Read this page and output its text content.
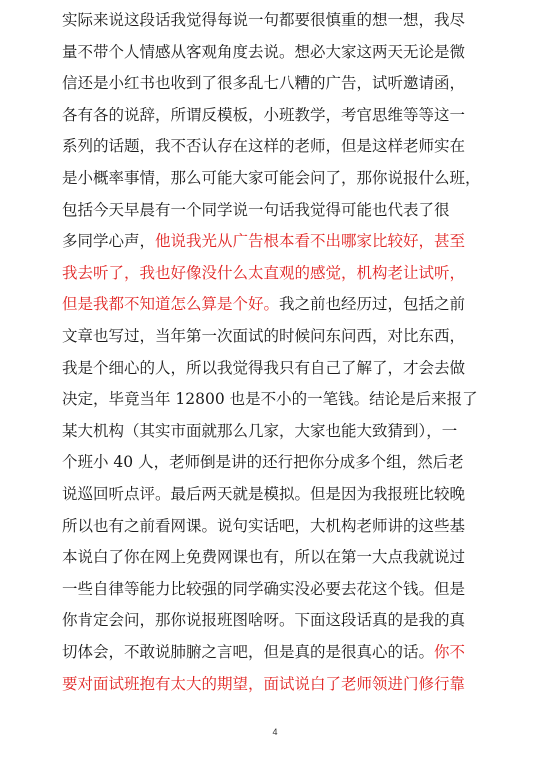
实际来说这段话我觉得每说一句都要很慎重的想一想，我尽
量不带个人情感从客观角度去说。想必大家这两天无论是微
信还是小红书也收到了很多乱七八糟的广告，试听邀请函，
各有各的说辞，所谓反模板，小班教学，考官思维等等这一
系列的话题，我不否认存在这样的老师，但是这样老师实在
是小概率事情，那么可能大家可能会问了，那你说报什么班，
包括今天早晨有一个同学说一句话我觉得可能也代表了很
多同学心声，他说我光从广告根本看不出哪家比较好，甚至
我去听了，我也好像没什么太直观的感觉，机构老让试听，
但是我都不知道怎么算是个好。我之前也经历过，包括之前
文章也写过，当年第一次面试的时候问东问西，对比东西，
我是个细心的人，所以我觉得我只有自己了解了，才会去做
决定，毕竟当年 12800 也是不小的一笔钱。结论是后来报了
某大机构（其实市面就那么几家，大家也能大致猜到），一
个班小 40 人，老师倒是讲的还行把你分成多个组，然后老
说巡回听点评。最后两天就是模拟。但是因为我报班比较晚
所以也有之前看网课。说句实话吧，大机构老师讲的这些基
本说白了你在网上免费网课也有，所以在第一大点我就说过
一些自律等能力比较强的同学确实没必要去花这个钱。但是
你肯定会问，那你说报班图啥呀。下面这段话真的是我的真
切体会，不敢说肺腑之言吧，但是真的是很真心的话。你不
要对面试班抱有太大的期望，面试说白了老师领进门修行靠
4
